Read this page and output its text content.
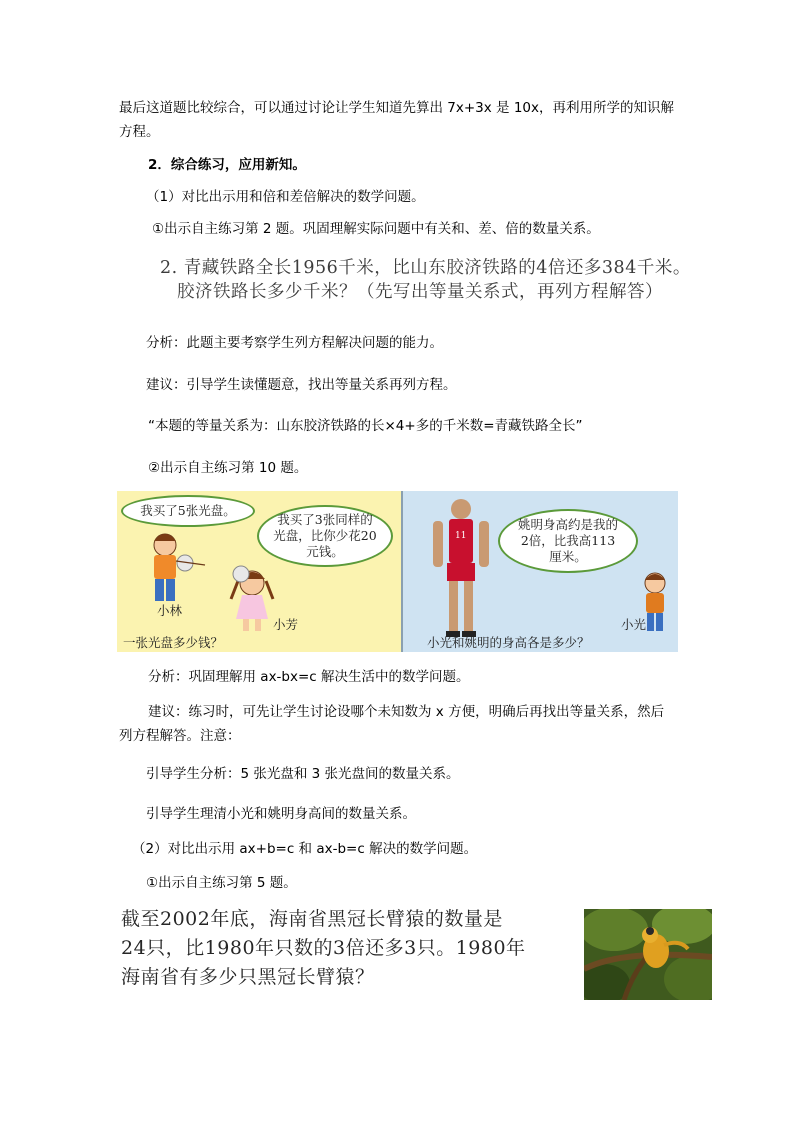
最后这道题比较综合，可以通过讨论让学生知道先算出 7x+3x 是 10x，再利用所学的知识解
方程。
2．综合练习，应用新知。
（1）对比出示用和倍和差倍解决的数学问题。
①出示自主练习第 2 题。巩固理解实际问题中有关和、差、倍的数量关系。
2. 青藏铁路全长1956千米，比山东胶济铁路的4倍还多384千米。
胶济铁路长多少千米？（先写出等量关系式，再列方程解答）
分析：此题主要考察学生列方程解决问题的能力。
建议：引导学生读懂题意，找出等量关系再列方程。
“本题的等量关系为：山东胶济铁路的长×4+多的千米数=青藏铁路全长”
②出示自主练习第 10 题。
我买了5张光盘。
我买了3张同样的光盘，比你少花20元钱。
小林
小芳
一张光盘多少钱？
11
姚明身高约是我的2倍，比我高113厘米。
小光
小光和姚明的身高各是多少？
分析：巩固理解用 ax-bx=c 解决生活中的数学问题。
建议：练习时，可先让学生讨论设哪个未知数为 x 方便，明确后再找出等量关系，然后
列方程解答。注意：
引导学生分析：5 张光盘和 3 张光盘间的数量关系。
引导学生理清小光和姚明身高间的数量关系。
（2）对比出示用 ax+b=c 和 ax-b=c 解决的数学问题。
①出示自主练习第 5 题。
截至2002年底，海南省黑冠长臂猿的数量是
24只，比1980年只数的3倍还多3只。1980年
海南省有多少只黑冠长臂猿？
